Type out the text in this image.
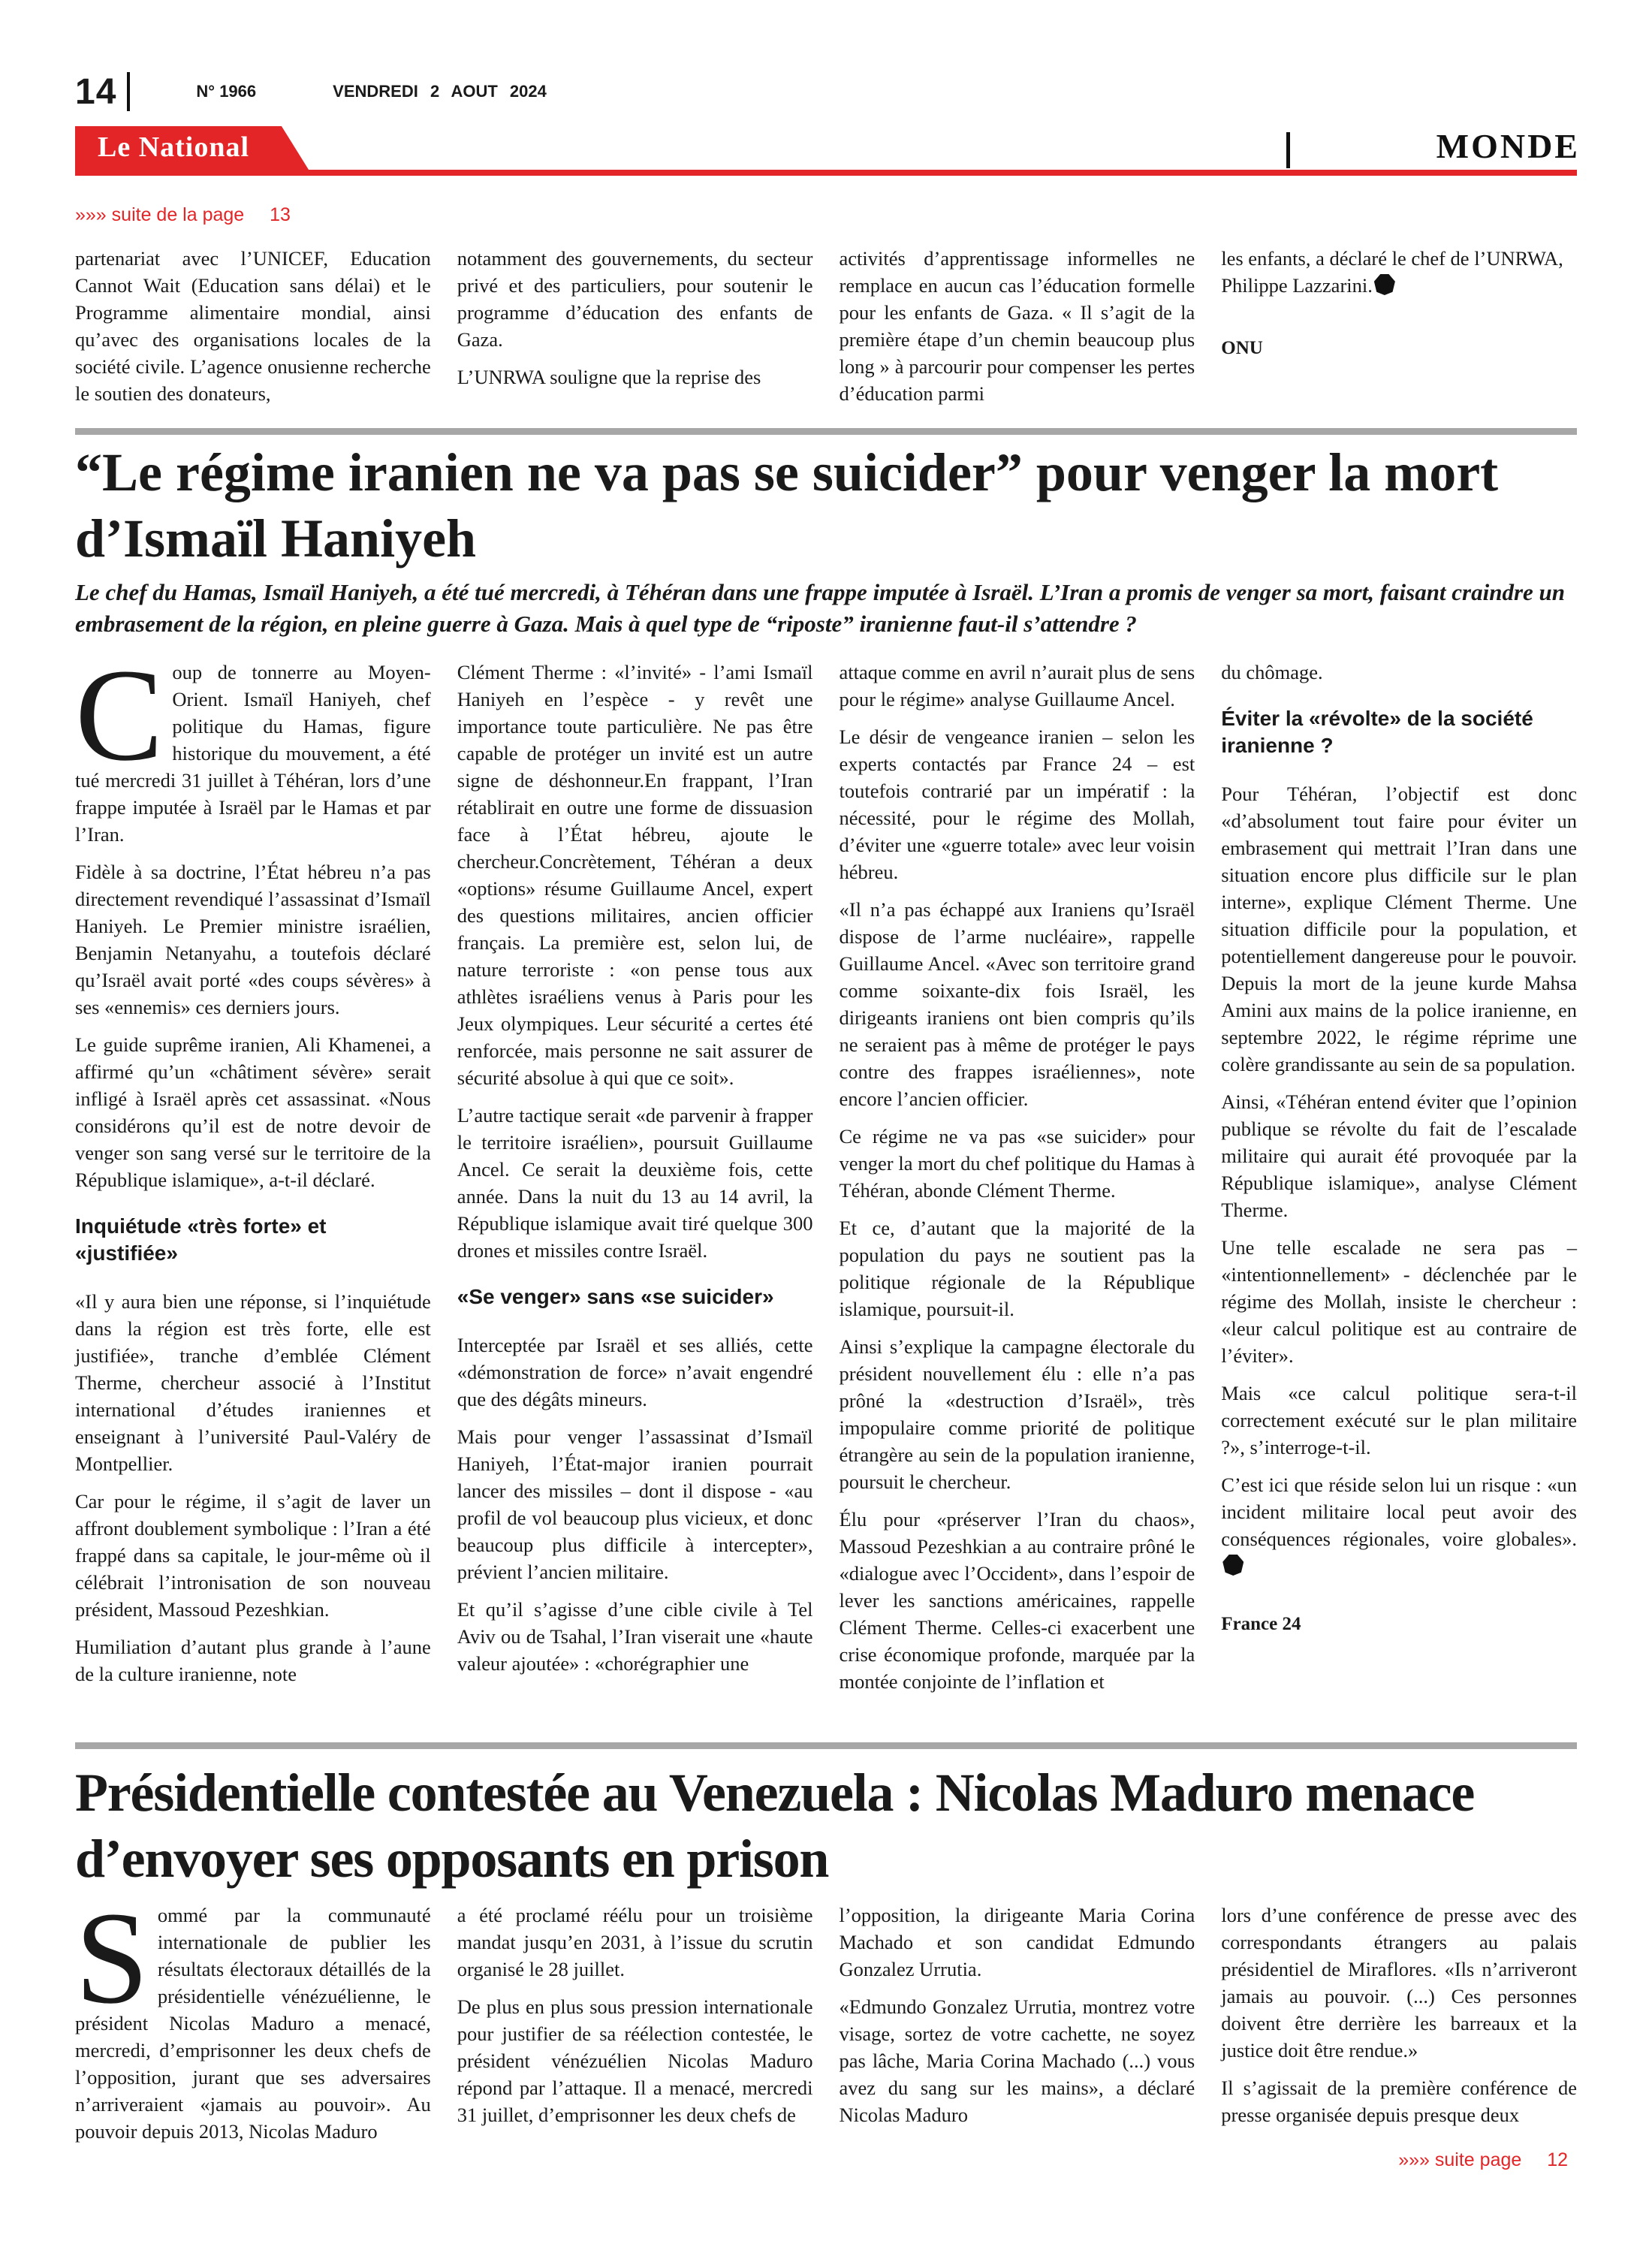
14	N° 1966	VENDREDI 2 AOUT 2024
Le National	MONDE
»»» suite de la page 13

partenariat avec l’UNICEF, Education Cannot Wait (Education sans délai) et le Programme alimentaire mondial, ainsi qu’avec des organisations locales de la société civile. L’agence onusienne recherche le soutien des donateurs,

notamment des gouvernements, du secteur privé et des particuliers, pour soutenir le programme d’éducation des enfants de Gaza.

L’UNRWA souligne que la reprise des

activités d’apprentissage informelles ne remplace en aucun cas l’éducation formelle pour les enfants de Gaza. « Il s’agit de la première étape d’un chemin beaucoup plus long » à parcourir pour compenser les pertes d’éducation parmi

les enfants, a déclaré le chef de l’UNRWA, Philippe Lazzarini.

ONU
“Le régime iranien ne va pas se suicider” pour venger la mort d’Ismaïl Haniyeh
Le chef du Hamas, Ismaïl Haniyeh, a été tué mercredi, à Téhéran dans une frappe imputée à Israël. L’Iran a promis de venger sa mort, faisant craindre un embrasement de la région, en pleine guerre à Gaza. Mais à quel type de “riposte” iranienne faut-il s’attendre ?

Coup de tonnerre au Moyen-Orient. Ismaïl Haniyeh, chef politique du Hamas, figure historique du mouvement, a été tué mercredi 31 juillet à Téhéran, lors d’une frappe imputée à Israël par le Hamas et par l’Iran.

Fidèle à sa doctrine, l’État hébreu n’a pas directement revendiqué l’assassinat d’Ismaïl Haniyeh. Le Premier ministre israélien, Benjamin Netanyahu, a toutefois déclaré qu’Israël avait porté «des coups sévères» à ses «ennemis» ces derniers jours.

Le guide suprême iranien, Ali Khamenei, a affirmé qu’un «châtiment sévère» serait infligé à Israël après cet assassinat. «Nous considérons qu’il est de notre devoir de venger son sang versé sur le territoire de la République islamique», a-t-il déclaré.

Inquiétude «très forte» et «justifiée»

«Il y aura bien une réponse, si l’inquiétude dans la région est très forte, elle est justifiée», tranche d’emblée Clément Therme, chercheur associé à l’Institut international d’études iraniennes et enseignant à l’université Paul-Valéry de Montpellier.

Car pour le régime, il s’agit de laver un affront doublement symbolique : l’Iran a été frappé dans sa capitale, le jour-même où il célébrait l’intronisation de son nouveau président, Massoud Pezeshkian.

Humiliation d’autant plus grande à l’aune de la culture iranienne, note

Clément Therme : «l’invité» - l’ami Ismaïl Haniyeh en l’espèce - y revêt une importance toute particulière. Ne pas être capable de protéger un invité est un autre signe de déshonneur.En frappant, l’Iran rétablirait en outre une forme de dissuasion face à l’État hébreu, ajoute le chercheur.Concrètement, Téhéran a deux «options» résume Guillaume Ancel, expert des questions militaires, ancien officier français. La première est, selon lui, de nature terroriste : «on pense tous aux athlètes israéliens venus à Paris pour les Jeux olympiques. Leur sécurité a certes été renforcée, mais personne ne sait assurer de sécurité absolue à qui que ce soit».

L’autre tactique serait «de parvenir à frapper le territoire israélien», poursuit Guillaume Ancel. Ce serait la deuxième fois, cette année. Dans la nuit du 13 au 14 avril, la République islamique avait tiré quelque 300 drones et missiles contre Israël.

«Se venger» sans «se suicider»

Interceptée par Israël et ses alliés, cette «démonstration de force» n’avait engendré que des dégâts mineurs.

Mais pour venger l’assassinat d’Ismaïl Haniyeh, l’État-major iranien pourrait lancer des missiles – dont il dispose - «au profil de vol beaucoup plus vicieux, et donc beaucoup plus difficile à intercepter», prévient l’ancien militaire.

Et qu’il s’agisse d’une cible civile à Tel Aviv ou de Tsahal, l’Iran viserait une «haute valeur ajoutée» : «chorégraphier une

attaque comme en avril n’aurait plus de sens pour le régime» analyse Guillaume Ancel.

Le désir de vengeance iranien – selon les experts contactés par France 24 – est toutefois contrarié par un impératif : la nécessité, pour le régime des Mollah, d’éviter une «guerre totale» avec leur voisin hébreu.

«Il n’a pas échappé aux Iraniens qu’Israël dispose de l’arme nucléaire», rappelle Guillaume Ancel. «Avec son territoire grand comme soixante-dix fois Israël, les dirigeants iraniens ont bien compris qu’ils ne seraient pas à même de protéger le pays contre des frappes israéliennes», note encore l’ancien officier.

Ce régime ne va pas «se suicider» pour venger la mort du chef politique du Hamas à Téhéran, abonde Clément Therme.

Et ce, d’autant que la majorité de la population du pays ne soutient pas la politique régionale de la République islamique, poursuit-il.

Ainsi s’explique la campagne électorale du président nouvellement élu : elle n’a pas prôné la «destruction d’Israël», très impopulaire comme priorité de politique étrangère au sein de la population iranienne, poursuit le chercheur.

Élu pour «préserver l’Iran du chaos», Massoud Pezeshkian a au contraire prôné le «dialogue avec l’Occident», dans l’espoir de lever les sanctions américaines, rappelle Clément Therme. Celles-ci exacerbent une crise économique profonde, marquée par la montée conjointe de l’inflation et

du chômage.

Éviter la «révolte» de la société iranienne ?

Pour Téhéran, l’objectif est donc «d’absolument tout faire pour éviter un embrasement qui mettrait l’Iran dans une situation encore plus difficile sur le plan interne», explique Clément Therme. Une situation difficile pour la population, et potentiellement dangereuse pour le pouvoir. Depuis la mort de la jeune kurde Mahsa Amini aux mains de la police iranienne, en septembre 2022, le régime réprime une colère grandissante au sein de sa population.

Ainsi, «Téhéran entend éviter que l’opinion publique se révolte du fait de l’escalade militaire qui aurait été provoquée par la République islamique», analyse Clément Therme.

Une telle escalade ne sera pas – «intentionnellement» - déclenchée par le régime des Mollah, insiste le chercheur : «leur calcul politique est au contraire de l’éviter».

Mais «ce calcul politique sera-t-il correctement exécuté sur le plan militaire ?», s’interroge-t-il.

C’est ici que réside selon lui un risque : «un incident militaire local peut avoir des conséquences régionales, voire globales».

France 24
Présidentielle contestée au Venezuela : Nicolas Maduro menace d’envoyer ses opposants en prison

Sommé par la communauté internationale de publier les résultats électoraux détaillés de la présidentielle vénézuélienne, le président Nicolas Maduro a menacé, mercredi, d’emprisonner les deux chefs de l’opposition, jurant que ses adversaires n’arriveraient «jamais au pouvoir». Au pouvoir depuis 2013, Nicolas Maduro

a été proclamé réélu pour un troisième mandat jusqu’en 2031, à l’issue du scrutin organisé le 28 juillet.

De plus en plus sous pression internationale pour justifier de sa réélection contestée, le président vénézuélien Nicolas Maduro répond par l’attaque. Il a menacé, mercredi 31 juillet, d’emprisonner les deux chefs de

l’opposition, la dirigeante Maria Corina Machado et son candidat Edmundo Gonzalez Urrutia.

«Edmundo Gonzalez Urrutia, montrez votre visage, sortez de votre cachette, ne soyez pas lâche, Maria Corina Machado (...) vous avez du sang sur les mains», a déclaré Nicolas Maduro

lors d’une conférence de presse avec des correspondants étrangers au palais présidentiel de Miraflores. «Ils n’arriveront jamais au pouvoir. (...) Ces personnes doivent être derrière les barreaux et la justice doit être rendue.»

Il s’agissait de la première conférence de presse organisée depuis presque deux

»»» suite page 12
